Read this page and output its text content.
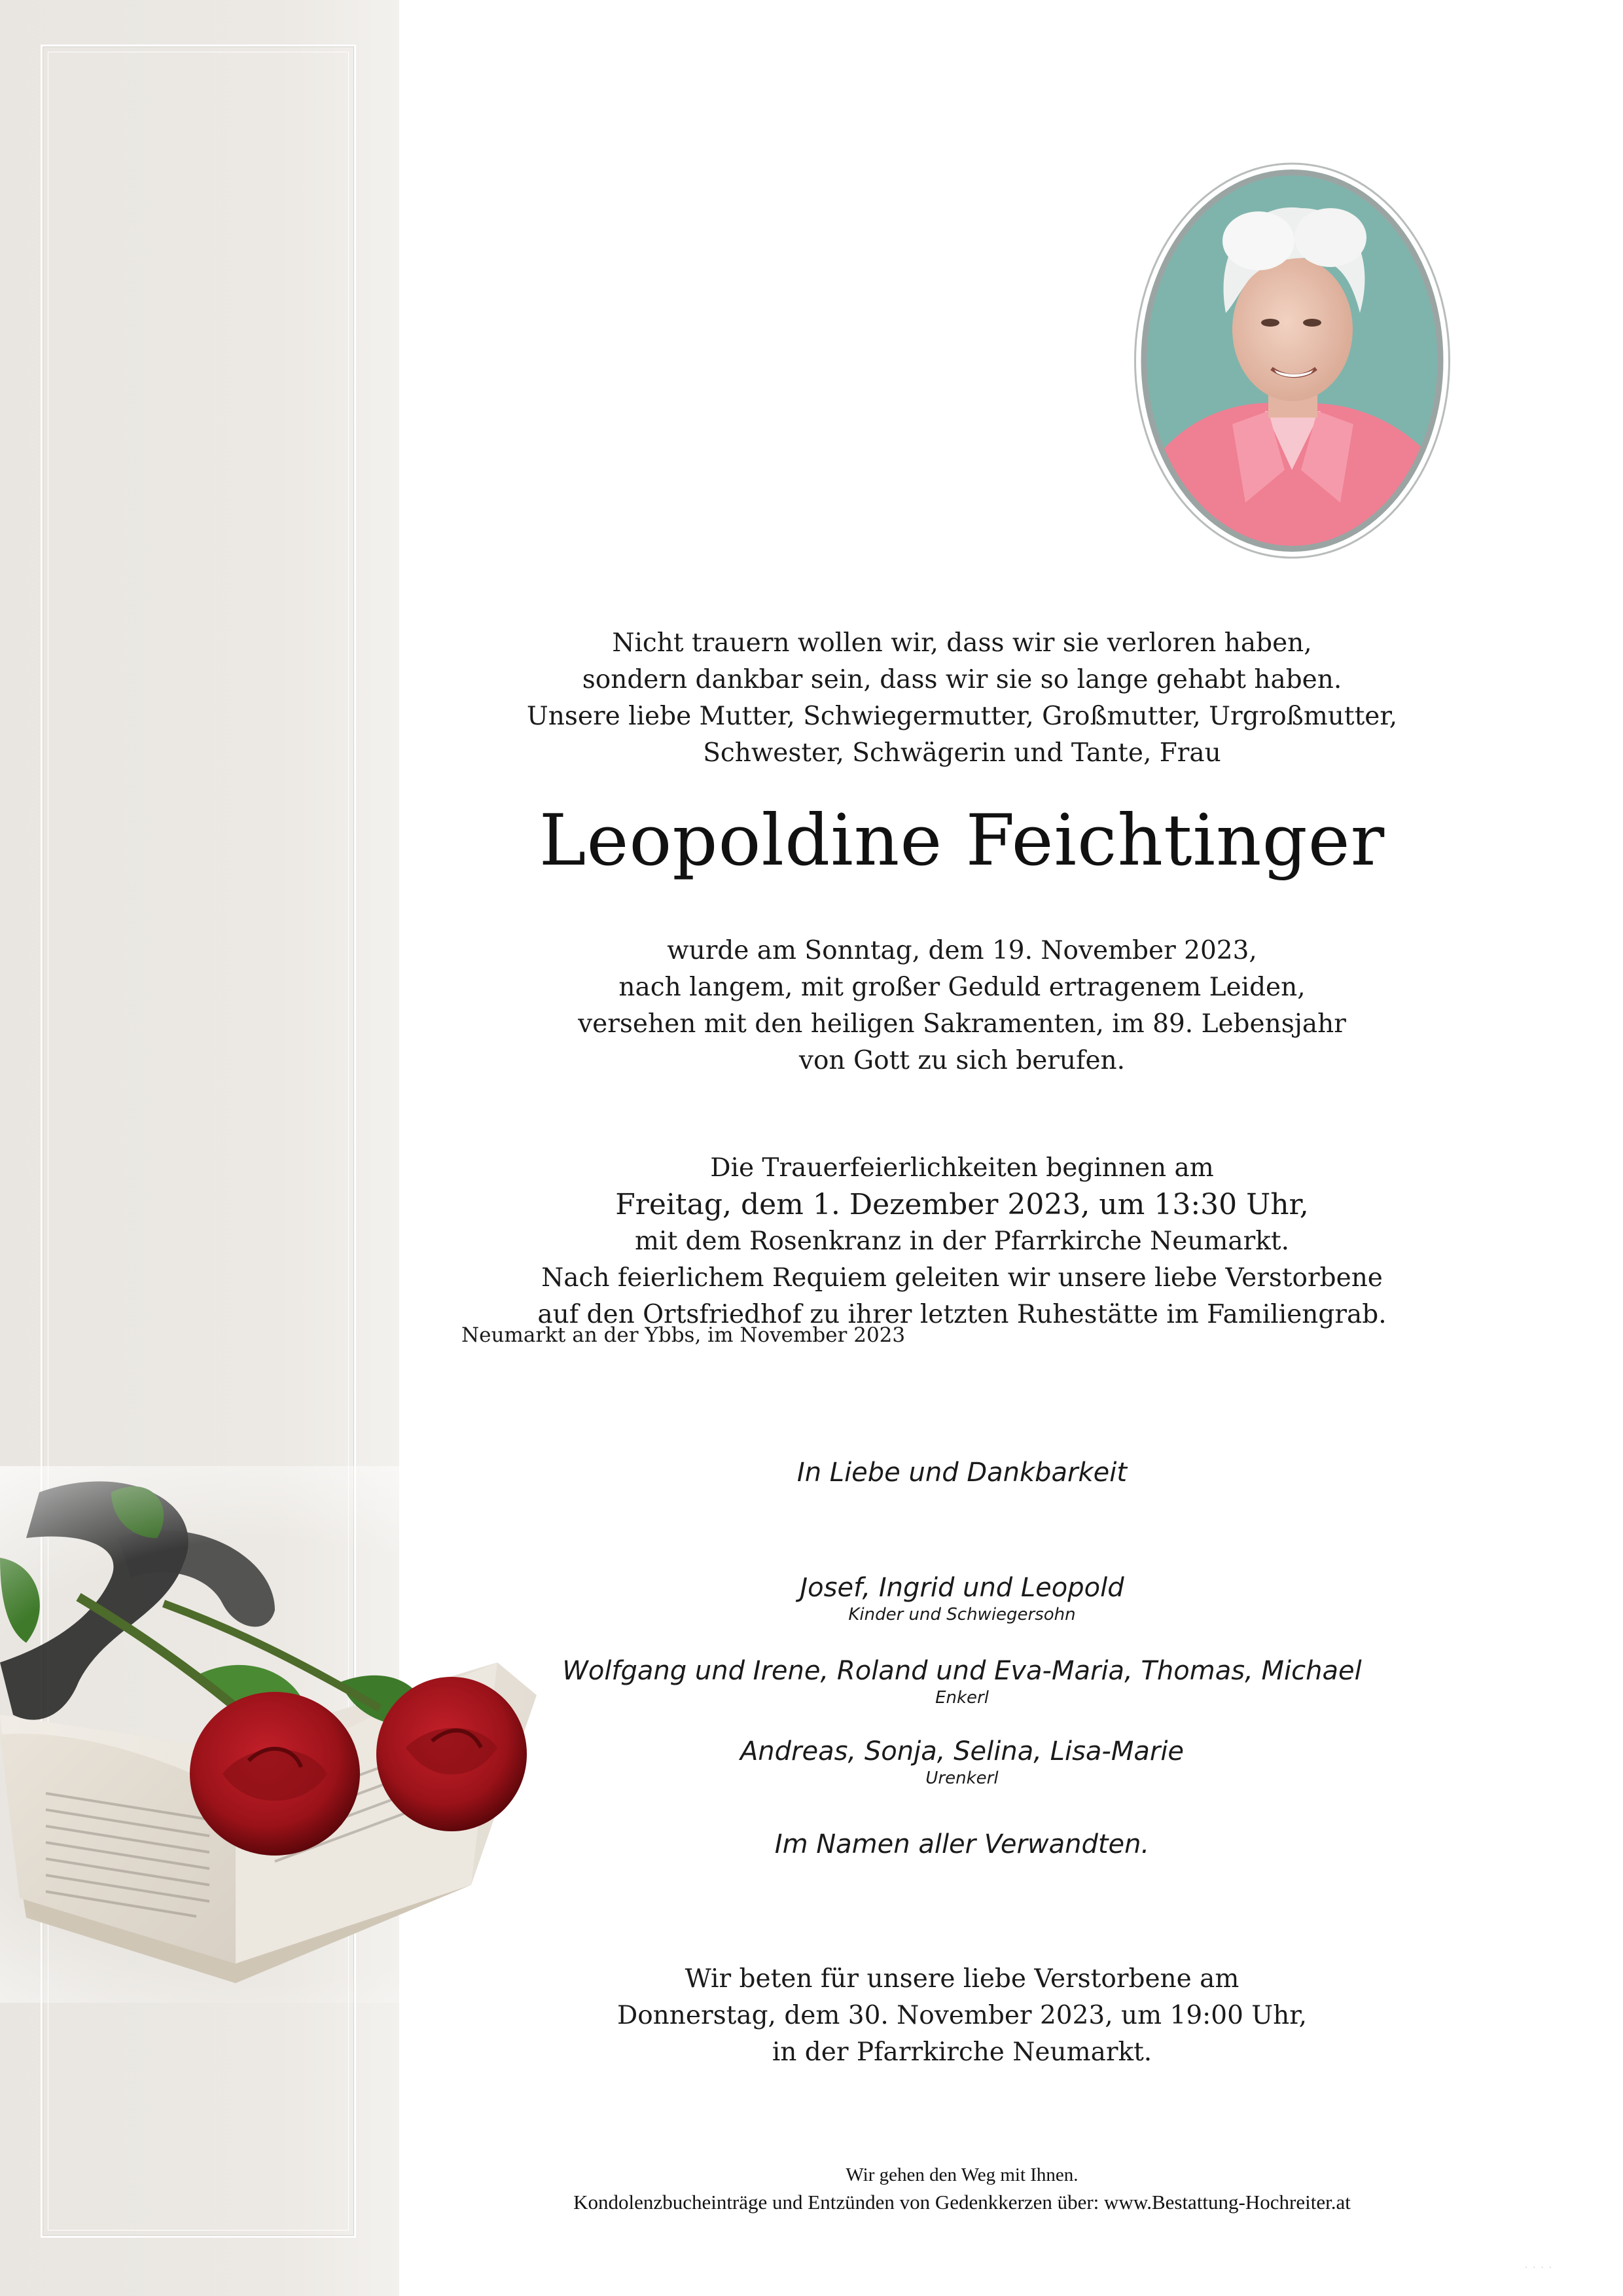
Nicht trauern wollen wir, dass wir sie verloren haben,

sondern dankbar sein, dass wir sie so lange gehabt haben.

Unsere liebe Mutter, Schwiegermutter, Großmutter, Urgroßmutter,

Schwester, Schwägerin und Tante, Frau

Leopoldine Feichtinger

wurde am Sonntag, dem 19. November 2023,

nach langem, mit großer Geduld ertragenem Leiden,

versehen mit den heiligen Sakramenten, im 89. Lebensjahr

von Gott zu sich berufen.

Die Trauerfeierlichkeiten beginnen am

Freitag, dem 1. Dezember 2023, um 13:30 Uhr,

mit dem Rosenkranz in der Pfarrkirche Neumarkt.

Nach feierlichem Requiem geleiten wir unsere liebe Verstorbene

auf den Ortsfriedhof zu ihrer letzten Ruhestätte im Familiengrab.

Neumarkt an der Ybbs, im November 2023
In Liebe und Dankbarkeit

Josef, Ingrid und Leopold

Kinder und Schwiegersohn

Wolfgang und Irene, Roland und Eva-Maria, Thomas, Michael

Enkerl

Andreas, Sonja, Selina, Lisa-Marie

Urenkerl

Im Namen aller Verwandten.

Wir beten für unsere liebe Verstorbene am

Donnerstag, dem 30. November 2023, um 19:00 Uhr,

in der Pfarrkirche Neumarkt.

Wir gehen den Weg mit Ihnen.
Kondolenzbucheinträge und Entzünden von Gedenkkerzen über: www.Bestattung-Hochreiter.at
· · · ·
